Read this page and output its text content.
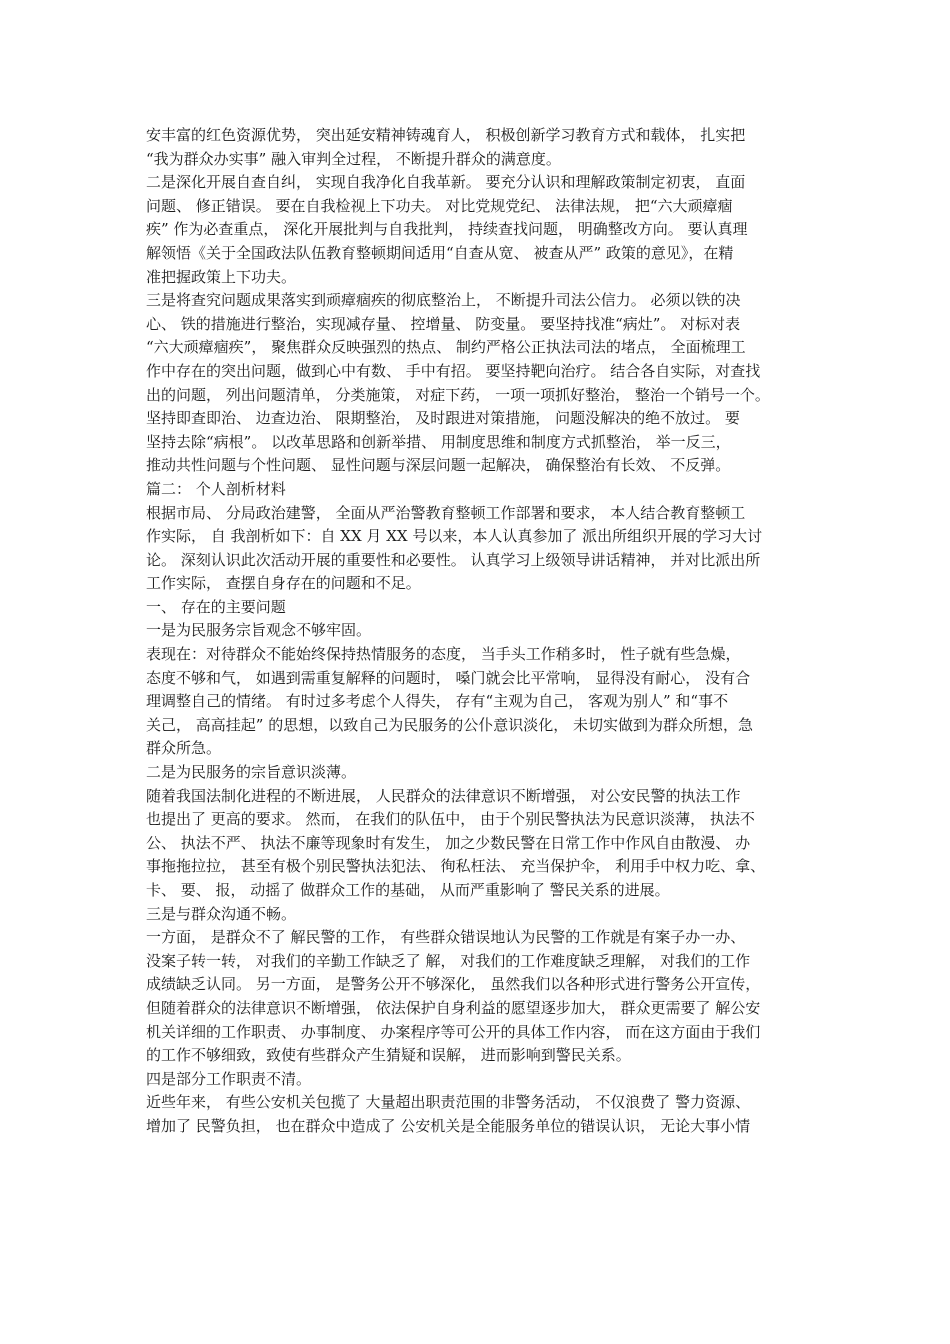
安丰富的红色资源优势， 突出延安精神铸魂育人， 积极创新学习教育方式和载体， 扎实把
“我为群众办实事” 融入审判全过程， 不断提升群众的满意度。
二是深化开展自查自纠， 实现自我净化自我革新。 要充分认识和理解政策制定初衷， 直面
问题、 修正错误。 要在自我检视上下功夫。 对比党规党纪、 法律法规， 把“六大顽瘴痼
疾” 作为必查重点， 深化开展批判与自我批判， 持续查找问题， 明确整改方向。 要认真理
解领悟《关于全国政法队伍教育整顿期间适用“自查从宽、 被查从严” 政策的意见》，在精
准把握政策上下功夫。
三是将查究问题成果落实到顽瘴痼疾的彻底整治上， 不断提升司法公信力。 必须以铁的决
心、 铁的措施进行整治，实现减存量、 控增量、 防变量。 要坚持找准“病灶”。 对标对表
“六大顽瘴痼疾”， 聚焦群众反映强烈的热点、 制约严格公正执法司法的堵点， 全面梳理工
作中存在的突出问题，做到心中有数、 手中有招。 要坚持靶向治疗。 结合各自实际，对查找
出的问题， 列出问题清单， 分类施策， 对症下药， 一项一项抓好整治， 整治一个销号一个。
坚持即查即治、 边查边治、 限期整治， 及时跟进对策措施， 问题没解决的绝不放过。 要
坚持去除“病根”。 以改革思路和创新举措、 用制度思维和制度方式抓整治， 举一反三，
推动共性问题与个性问题、 显性问题与深层问题一起解决， 确保整治有长效、 不反弹。
篇二： 个人剖析材料
根据市局、 分局政治建警， 全面从严治警教育整顿工作部署和要求， 本人结合教育整顿工
作实际， 自 我剖析如下：自 XX 月 XX 号以来，本人认真参加了 派出所组织开展的学习大讨
论。 深刻认识此次活动开展的重要性和必要性。 认真学习上级领导讲话精神， 并对比派出所
工作实际， 查摆自身存在的问题和不足。
一、 存在的主要问题
一是为民服务宗旨观念不够牢固。
表现在：对待群众不能始终保持热情服务的态度， 当手头工作稍多时， 性子就有些急燥，
态度不够和气， 如遇到需重复解释的问题时， 嗓门就会比平常响， 显得没有耐心， 没有合
理调整自己的情绪。 有时过多考虑个人得失， 存有“主观为自己， 客观为别人” 和“事不
关己， 高高挂起” 的思想，以致自己为民服务的公仆意识淡化， 未切实做到为群众所想，急
群众所急。
二是为民服务的宗旨意识淡薄。
随着我国法制化进程的不断进展， 人民群众的法律意识不断增强， 对公安民警的执法工作
也提出了 更高的要求。 然而， 在我们的队伍中， 由于个别民警执法为民意识淡薄， 执法不
公、 执法不严、 执法不廉等现象时有发生， 加之少数民警在日常工作中作风自由散漫、 办
事拖拖拉拉， 甚至有极个别民警执法犯法、 徇私枉法、 充当保护伞， 利用手中权力吃、拿、
卡、 要、 报， 动摇了 做群众工作的基础， 从而严重影响了 警民关系的进展。
三是与群众沟通不畅。
一方面， 是群众不了 解民警的工作， 有些群众错误地认为民警的工作就是有案子办一办、
没案子转一转， 对我们的辛勤工作缺乏了 解， 对我们的工作难度缺乏理解， 对我们的工作
成绩缺乏认同。 另一方面， 是警务公开不够深化， 虽然我们以各种形式进行警务公开宣传，
但随着群众的法律意识不断增强， 依法保护自身利益的愿望逐步加大， 群众更需要了 解公安
机关详细的工作职责、 办事制度、 办案程序等可公开的具体工作内容， 而在这方面由于我们
的工作不够细致，致使有些群众产生猜疑和误解， 进而影响到警民关系。
四是部分工作职责不清。
近些年来， 有些公安机关包揽了 大量超出职责范围的非警务活动， 不仅浪费了 警力资源、
增加了 民警负担， 也在群众中造成了 公安机关是全能服务单位的错误认识， 无论大事小情
